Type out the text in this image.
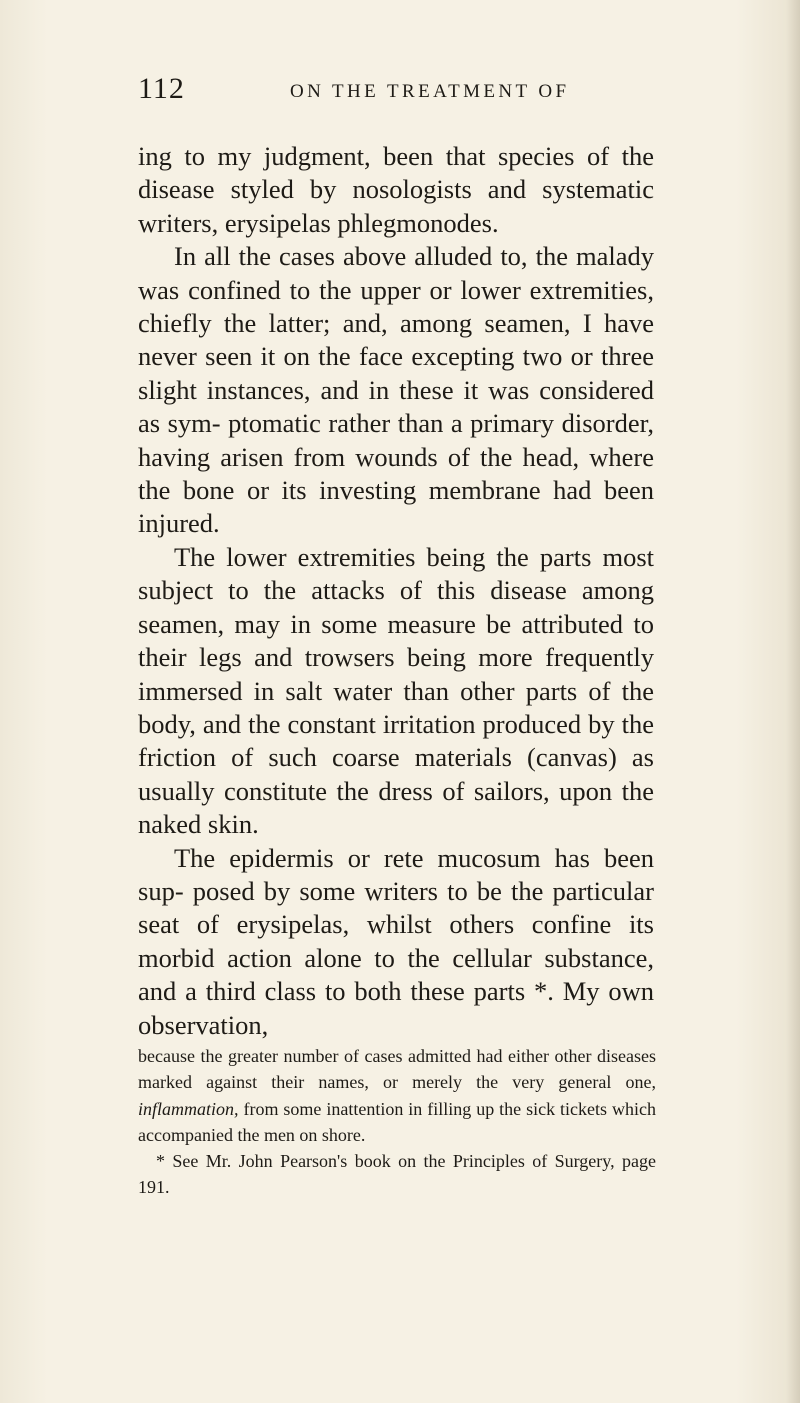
112	ON THE TREATMENT OF

ing to my judgment, been that species of the disease styled by nosologists and systematic writers, erysipelas phlegmonodes.

In all the cases above alluded to, the malady was confined to the upper or lower extremities, chiefly the latter; and, among seamen, I have never seen it on the face excepting two or three slight instances, and in these it was considered as sym- ptomatic rather than a primary disorder, having arisen from wounds of the head, where the bone or its investing membrane had been injured.

The lower extremities being the parts most subject to the attacks of this disease among seamen, may in some measure be attributed to their legs and trowsers being more frequently immersed in salt water than other parts of the body, and the constant irritation produced by the friction of such coarse materials (canvas) as usually constitute the dress of sailors, upon the naked skin.

The epidermis or rete mucosum has been sup- posed by some writers to be the particular seat of erysipelas, whilst others confine its morbid action alone to the cellular substance, and a third class to both these parts *. My own observation,

because the greater number of cases admitted had either other diseases marked against their names, or merely the very general one, inflammation, from some inattention in filling up the sick tickets which accompanied the men on shore.

* See Mr. John Pearson's book on the Principles of Surgery, page 191.
